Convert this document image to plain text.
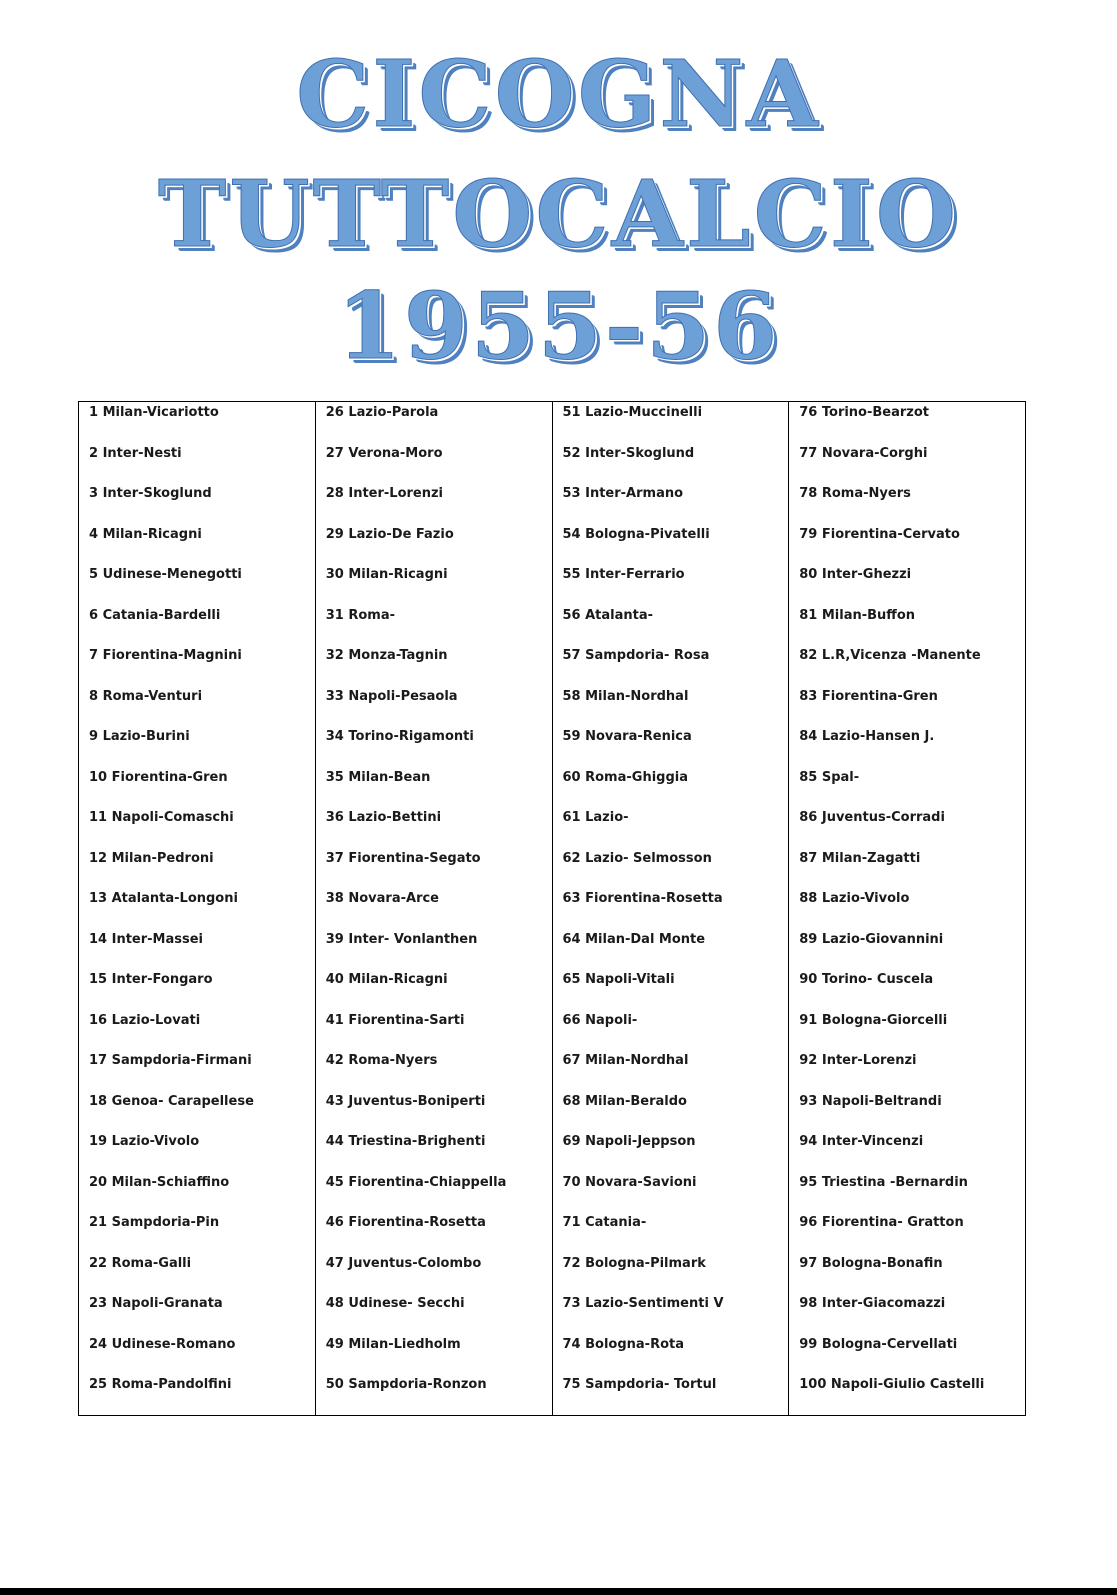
CICOGNA
TUTTOCALCIO
1955-56
1 Milan-Vicariotto
2 Inter-Nesti
3 Inter-Skoglund
4 Milan-Ricagni
5 Udinese-Menegotti
6 Catania-Bardelli
7 Fiorentina-Magnini
8 Roma-Venturi
9 Lazio-Burini
10 Fiorentina-Gren
11 Napoli-Comaschi
12 Milan-Pedroni
13 Atalanta-Longoni
14 Inter-Massei
15 Inter-Fongaro
16 Lazio-Lovati
17 Sampdoria-Firmani
18 Genoa- Carapellese
19 Lazio-Vivolo
20 Milan-Schiaffino
21 Sampdoria-Pin
22 Roma-Galli
23 Napoli-Granata
24 Udinese-Romano
25 Roma-Pandolfini
26 Lazio-Parola
27 Verona-Moro
28 Inter-Lorenzi
29 Lazio-De Fazio
30 Milan-Ricagni
31 Roma-
32 Monza-Tagnin
33 Napoli-Pesaola
34 Torino-Rigamonti
35 Milan-Bean
36 Lazio-Bettini
37 Fiorentina-Segato
38 Novara-Arce
39 Inter- Vonlanthen
40 Milan-Ricagni
41 Fiorentina-Sarti
42 Roma-Nyers
43 Juventus-Boniperti
44 Triestina-Brighenti
45 Fiorentina-Chiappella
46 Fiorentina-Rosetta
47 Juventus-Colombo
48 Udinese- Secchi
49 Milan-Liedholm
50 Sampdoria-Ronzon
51 Lazio-Muccinelli
52 Inter-Skoglund
53 Inter-Armano
54 Bologna-Pivatelli
55 Inter-Ferrario
56 Atalanta-
57 Sampdoria- Rosa
58 Milan-Nordhal
59 Novara-Renica
60 Roma-Ghiggia
61 Lazio-
62 Lazio- Selmosson
63 Fiorentina-Rosetta
64 Milan-Dal Monte
65 Napoli-Vitali
66 Napoli-
67 Milan-Nordhal
68 Milan-Beraldo
69 Napoli-Jeppson
70 Novara-Savioni
71 Catania-
72 Bologna-Pilmark
73 Lazio-Sentimenti V
74 Bologna-Rota
75 Sampdoria- Tortul
76 Torino-Bearzot
77 Novara-Corghi
78 Roma-Nyers
79 Fiorentina-Cervato
80 Inter-Ghezzi
81 Milan-Buffon
82 L.R,Vicenza -Manente
83 Fiorentina-Gren
84 Lazio-Hansen J.
85 Spal-
86 Juventus-Corradi
87 Milan-Zagatti
88 Lazio-Vivolo
89 Lazio-Giovannini
90 Torino- Cuscela
91 Bologna-Giorcelli
92 Inter-Lorenzi
93 Napoli-Beltrandi
94 Inter-Vincenzi
95 Triestina -Bernardin
96 Fiorentina- Gratton
97 Bologna-Bonafin
98 Inter-Giacomazzi
99 Bologna-Cervellati
100 Napoli-Giulio Castelli
